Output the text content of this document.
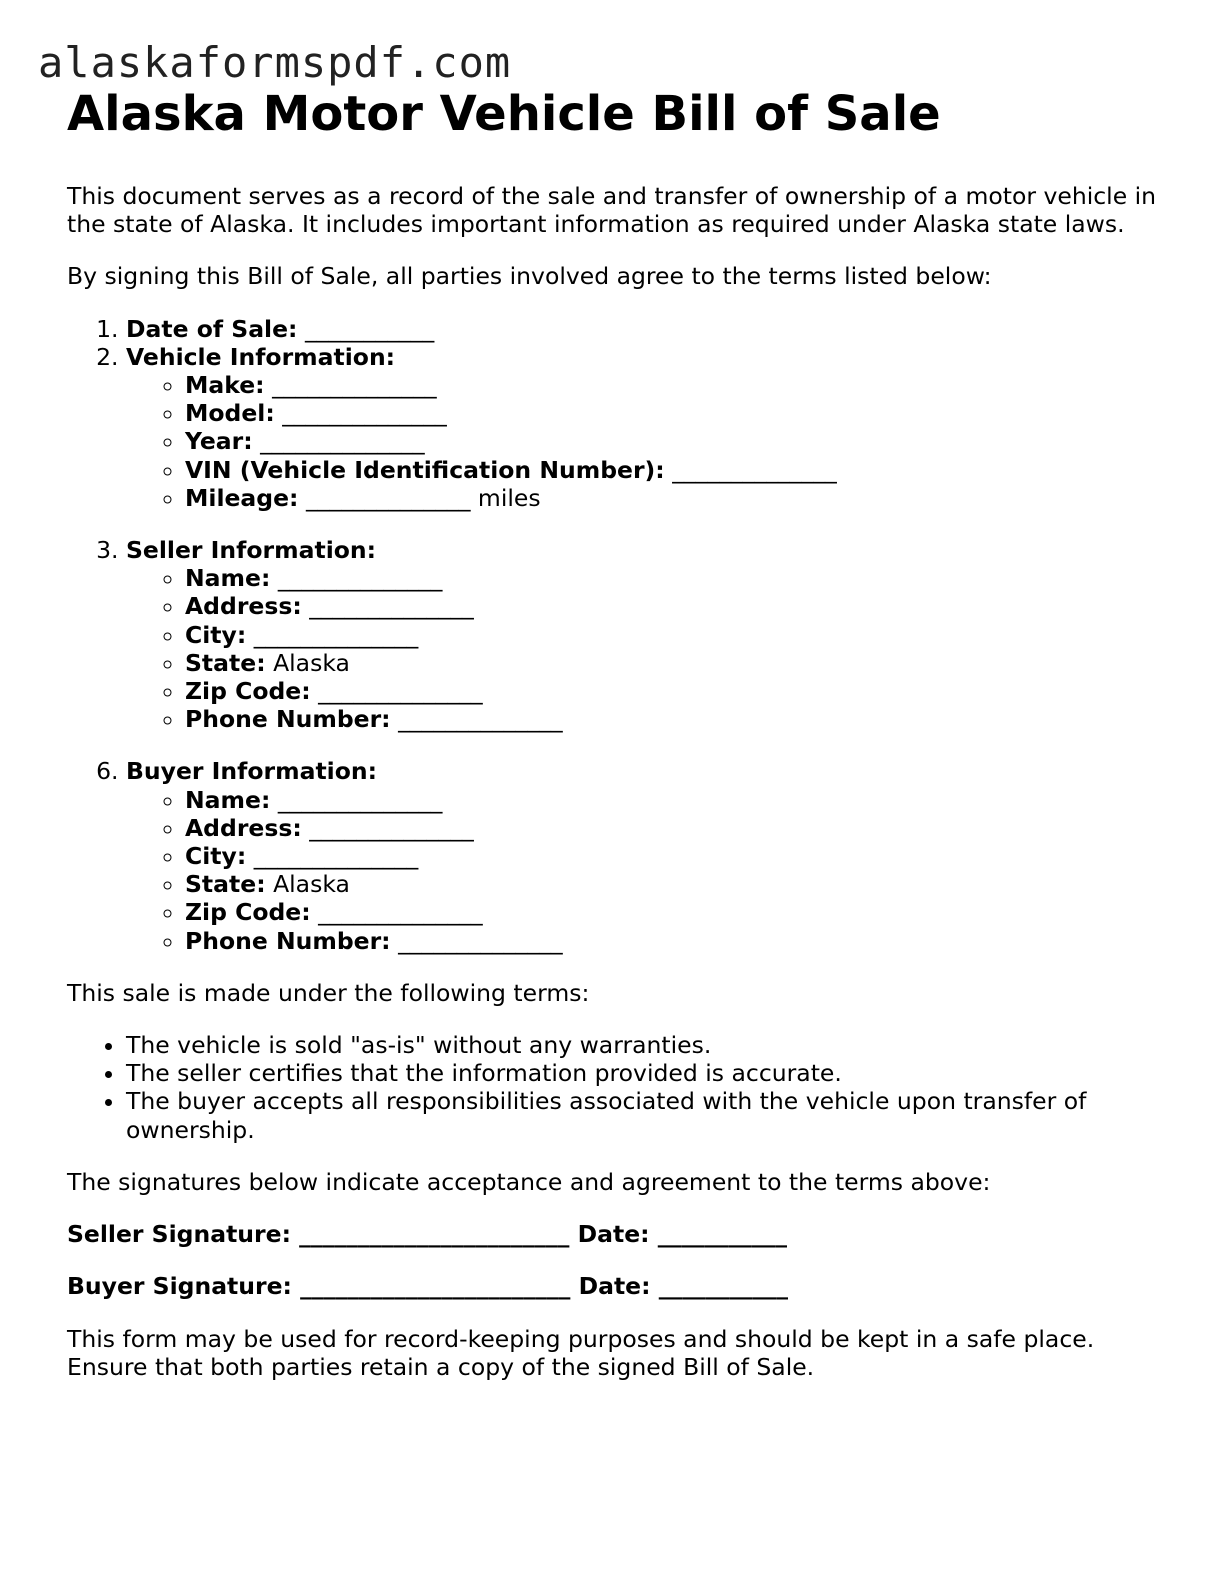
alaskaformspdf.com
Alaska Motor Vehicle Bill of Sale

This document serves as a record of the sale and transfer of ownership of a motor vehicle in the state of Alaska. It includes important information as required under Alaska state laws.

By signing this Bill of Sale, all parties involved agree to the terms listed below:

1. Date of Sale: ___________
2. Vehicle Information:
◦ Make: ______________
◦ Model: ______________
◦ Year: ______________
◦ VIN (Vehicle Identification Number): ______________
◦ Mileage: ______________ miles
3. Seller Information:
◦ Name: ______________
◦ Address: ______________
◦ City: ______________
◦ State: Alaska
◦ Zip Code: ______________
◦ Phone Number: ______________
6. Buyer Information:
◦ Name: ______________
◦ Address: ______________
◦ City: ______________
◦ State: Alaska
◦ Zip Code: ______________
◦ Phone Number: ______________

This sale is made under the following terms:

• The vehicle is sold "as-is" without any warranties.
• The seller certifies that the information provided is accurate.
• The buyer accepts all responsibilities associated with the vehicle upon transfer of ownership.

The signatures below indicate acceptance and agreement to the terms above:

Seller Signature: _______________________ Date: ___________
Buyer Signature: _______________________ Date: ___________

This form may be used for record-keeping purposes and should be kept in a safe place. Ensure that both parties retain a copy of the signed Bill of Sale.
